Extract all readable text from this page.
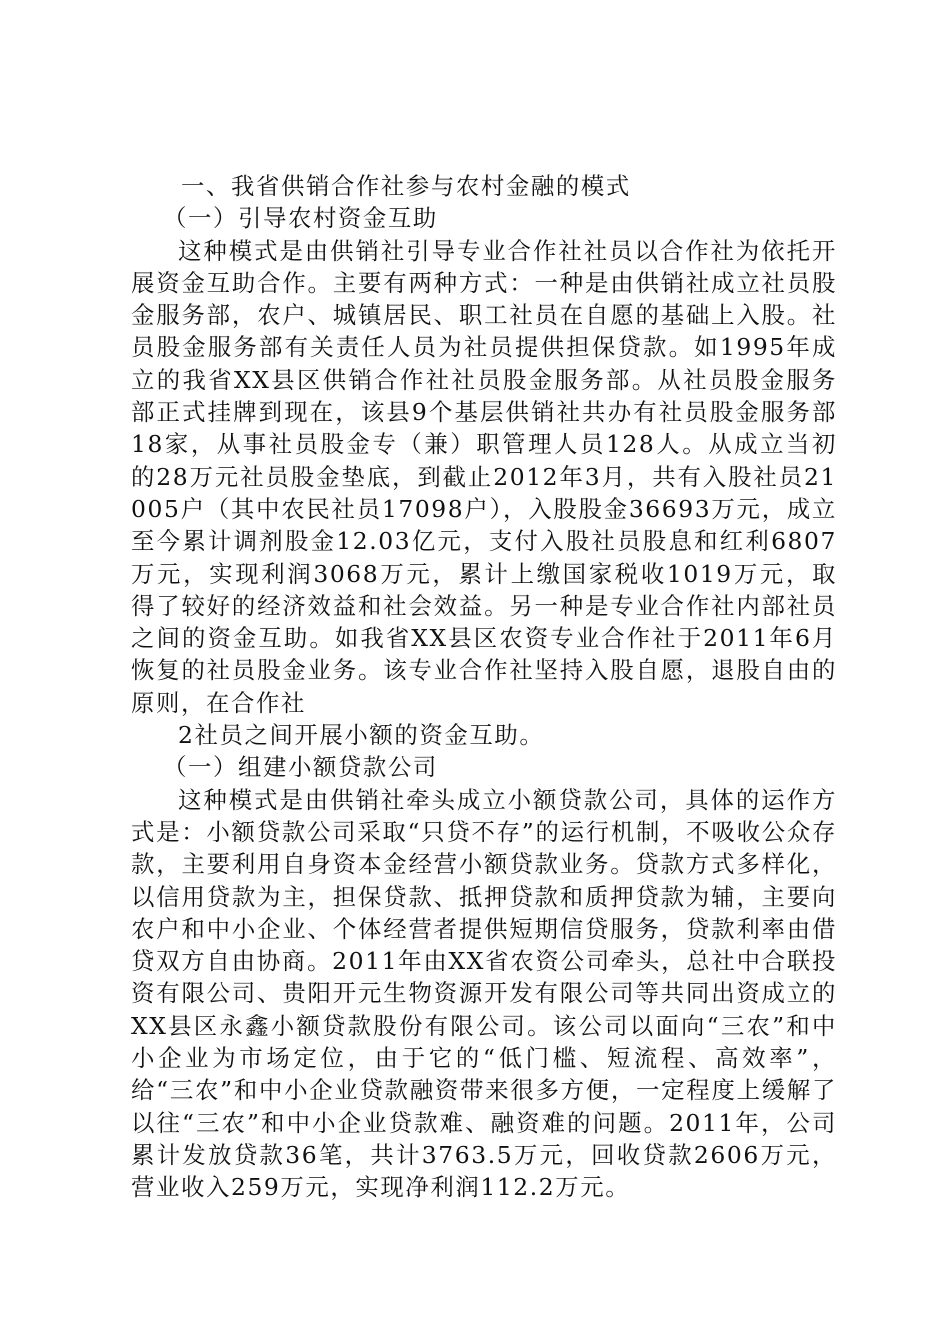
一、我省供销合作社参与农村金融的模式

（一）引导农村资金互助

这种模式是由供销社引导专业合作社社员以合作社为依托开展资金互助合作。主要有两种方式：一种是由供销社成立社员股金服务部，农户、城镇居民、职工社员在自愿的基础上入股。社员股金服务部有关责任人员为社员提供担保贷款。如1995年成立的我省XX县区供销合作社社员股金服务部。从社员股金服务部正式挂牌到现在，该县9个基层供销社共办有社员股金服务部18家，从事社员股金专（兼）职管理人员128人。从成立当初的28万元社员股金垫底，到截止2012年3月，共有入股社员21005户（其中农民社员17098户），入股股金36693万元，成立至今累计调剂股金12.03亿元，支付入股社员股息和红利6807万元，实现利润3068万元，累计上缴国家税收1019万元，取得了较好的经济效益和社会效益。另一种是专业合作社内部社员之间的资金互助。如我省XX县区农资专业合作社于2011年6月恢复的社员股金业务。该专业合作社坚持入股自愿，退股自由的原则，在合作社

2社员之间开展小额的资金互助。

（一）组建小额贷款公司

这种模式是由供销社牵头成立小额贷款公司，具体的运作方式是：小额贷款公司采取“只贷不存”的运行机制，不吸收公众存款，主要利用自身资本金经营小额贷款业务。贷款方式多样化，以信用贷款为主，担保贷款、抵押贷款和质押贷款为辅，主要向农户和中小企业、个体经营者提供短期信贷服务，贷款利率由借贷双方自由协商。2011年由XX省农资公司牵头，总社中合联投资有限公司、贵阳开元生物资源开发有限公司等共同出资成立的XX县区永鑫小额贷款股份有限公司。该公司以面向“三农”和中小企业为市场定位，由于它的“低门槛、短流程、高效率”，给“三农”和中小企业贷款融资带来很多方便，一定程度上缓解了以往“三农”和中小企业贷款难、融资难的问题。2011年，公司累计发放贷款36笔，共计3763.5万元，回收贷款2606万元，营业收入259万元，实现净利润112.2万元。
